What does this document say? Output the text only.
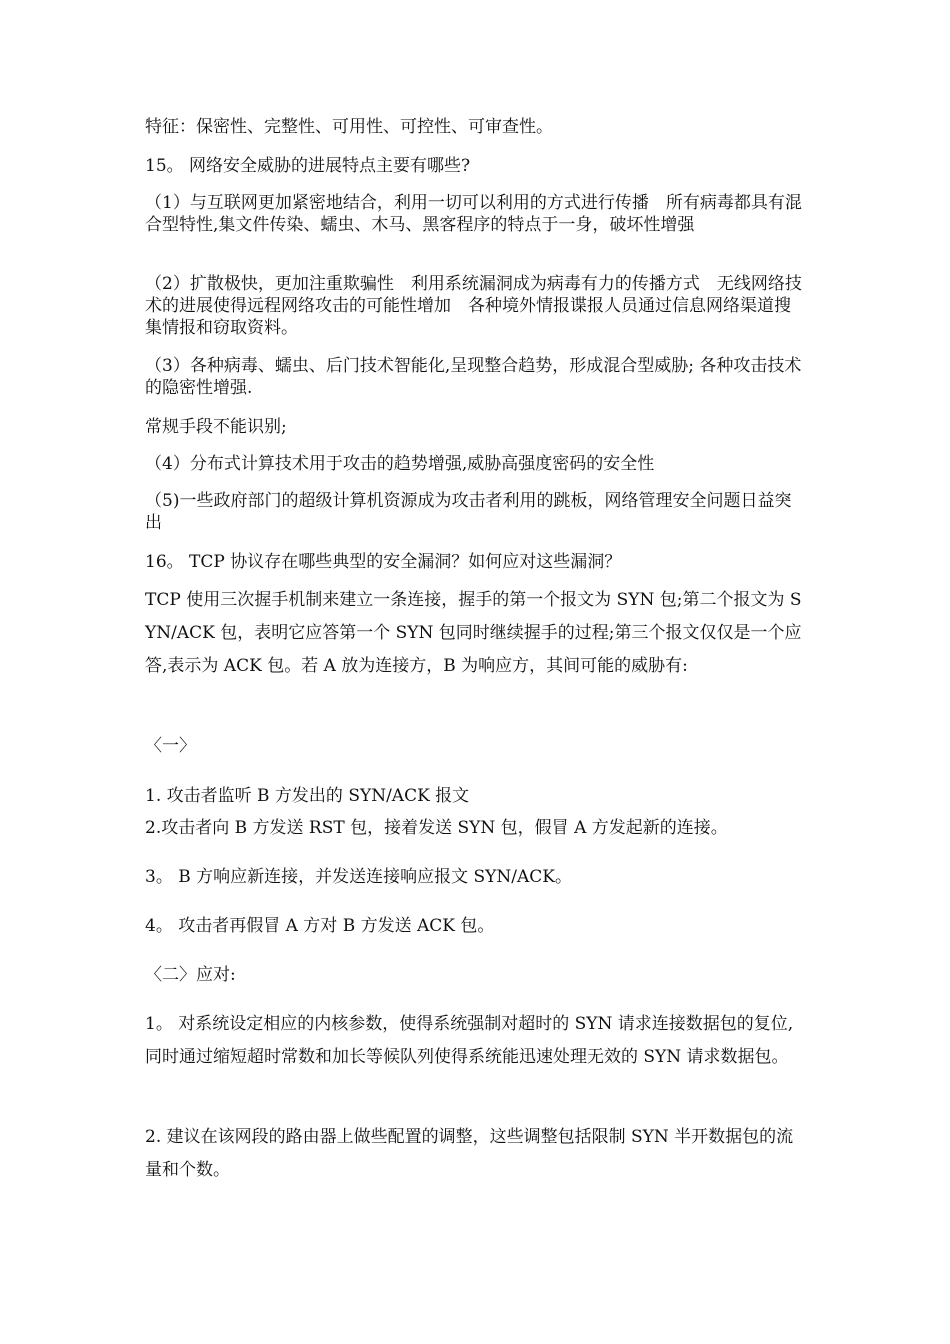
特征：保密性、完整性、可用性、可控性、可审查性。
15。 网络安全威胁的进展特点主要有哪些?
（1）与互联网更加紧密地结合，利用一切可以利用的方式进行传播　所有病毒都具有混合型特性,集文件传染、蠕虫、木马、黑客程序的特点于一身，破坏性增强
（2）扩散极快，更加注重欺骗性　利用系统漏洞成为病毒有力的传播方式　无线网络技术的进展使得远程网络攻击的可能性增加　各种境外情报谍报人员通过信息网络渠道搜集情报和窃取资料。
（3）各种病毒、蠕虫、后门技术智能化,呈现整合趋势，形成混合型威胁; 各种攻击技术的隐密性增强.
常规手段不能识别;
（4）分布式计算技术用于攻击的趋势增强,威胁高强度密码的安全性
（5)一些政府部门的超级计算机资源成为攻击者利用的跳板，网络管理安全问题日益突出
16。 TCP 协议存在哪些典型的安全漏洞？如何应对这些漏洞？
TCP 使用三次握手机制来建立一条连接，握手的第一个报文为 SYN 包;第二个报文为 SYN/ACK 包，表明它应答第一个 SYN 包同时继续握手的过程;第三个报文仅仅是一个应答,表示为 ACK 包。若 A 放为连接方，B 为响应方，其间可能的威胁有:
〈一〉
1. 攻击者监听 B 方发出的 SYN/ACK 报文
2.攻击者向 B 方发送 RST 包，接着发送 SYN 包，假冒 A 方发起新的连接。
3。 B 方响应新连接，并发送连接响应报文 SYN/ACK。
4。 攻击者再假冒 A 方对 B 方发送 ACK 包。
〈二〉应对:
1。 对系统设定相应的内核参数，使得系统强制对超时的 SYN 请求连接数据包的复位,同时通过缩短超时常数和加长等候队列使得系统能迅速处理无效的 SYN 请求数据包。
2. 建议在该网段的路由器上做些配置的调整，这些调整包括限制 SYN 半开数据包的流量和个数。
